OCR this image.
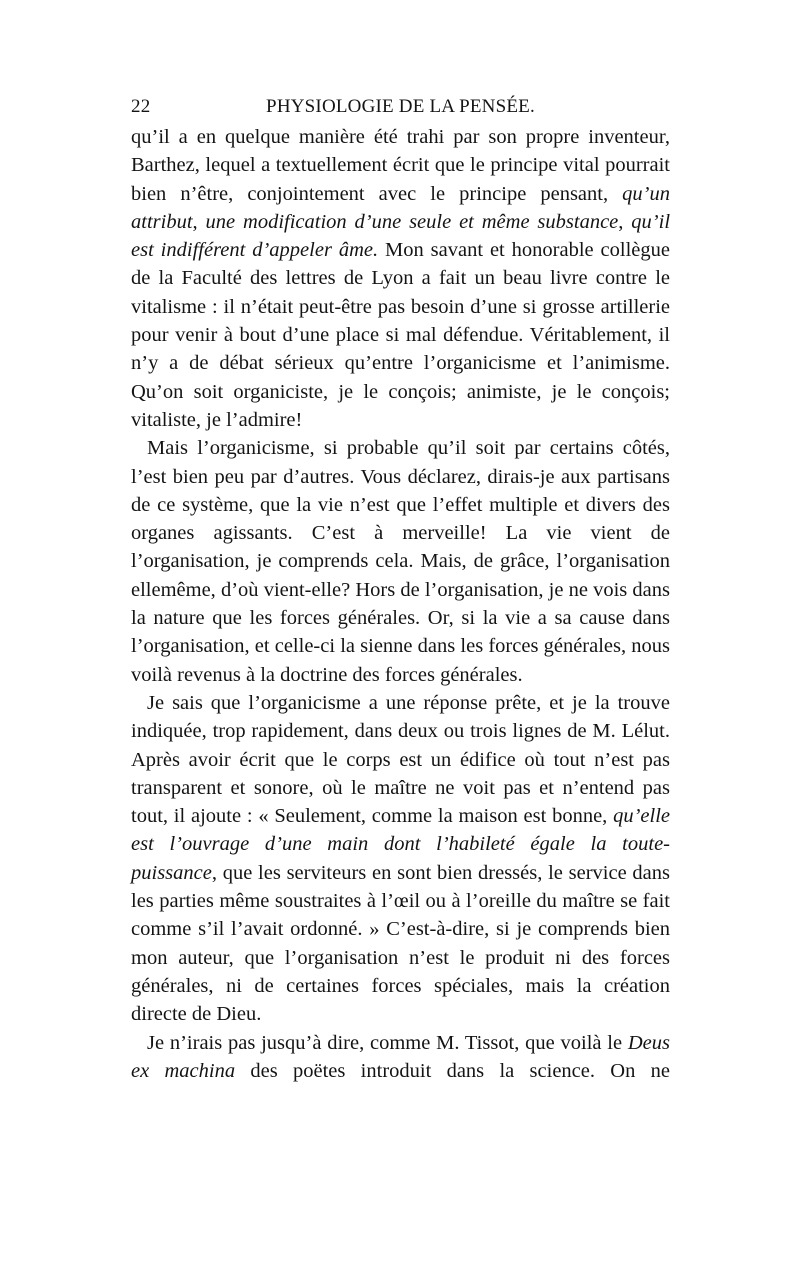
22	PHYSIOLOGIE DE LA PENSÉE.

qu’il a en quelque manière été trahi par son propre inventeur, Barthez, lequel a textuellement écrit que le principe vital pourrait bien n’être, conjointement avec le principe pensant, qu’un attribut, une modification d’une seule et même substance, qu’il est indifférent d’appeler âme. Mon savant et honorable collègue de la Faculté des lettres de Lyon a fait un beau livre contre le vitalisme : il n’était peut-être pas besoin d’une si grosse artillerie pour venir à bout d’une place si mal défendue. Véritablement, il n’y a de débat sérieux qu’entre l’organicisme et l’animisme. Qu’on soit organiciste, je le conçois; animiste, je le conçois; vitaliste, je l’admire!

Mais l’organicisme, si probable qu’il soit par certains côtés, l’est bien peu par d’autres. Vous déclarez, dirais-je aux partisans de ce système, que la vie n’est que l’effet multiple et divers des organes agissants. C’est à merveille! La vie vient de l’organisation, je comprends cela. Mais, de grâce, l’organisation ellemême, d’où vient-elle? Hors de l’organisation, je ne vois dans la nature que les forces générales. Or, si la vie a sa cause dans l’organisation, et celle-ci la sienne dans les forces générales, nous voilà revenus à la doctrine des forces générales.

Je sais que l’organicisme a une réponse prête, et je la trouve indiquée, trop rapidement, dans deux ou trois lignes de M. Lélut. Après avoir écrit que le corps est un édifice où tout n’est pas transparent et sonore, où le maître ne voit pas et n’entend pas tout, il ajoute : « Seulement, comme la maison est bonne, qu’elle est l’ouvrage d’une main dont l’habileté égale la toute-puissance, que les serviteurs en sont bien dressés, le service dans les parties même soustraites à l’œil ou à l’oreille du maître se fait comme s’il l’avait ordonné. » C’est-à-dire, si je comprends bien mon auteur, que l’organisation n’est le produit ni des forces générales, ni de certaines forces spéciales, mais la création directe de Dieu.

Je n’irais pas jusqu’à dire, comme M. Tissot, que voilà le Deus ex machina des poëtes introduit dans la science. On ne
